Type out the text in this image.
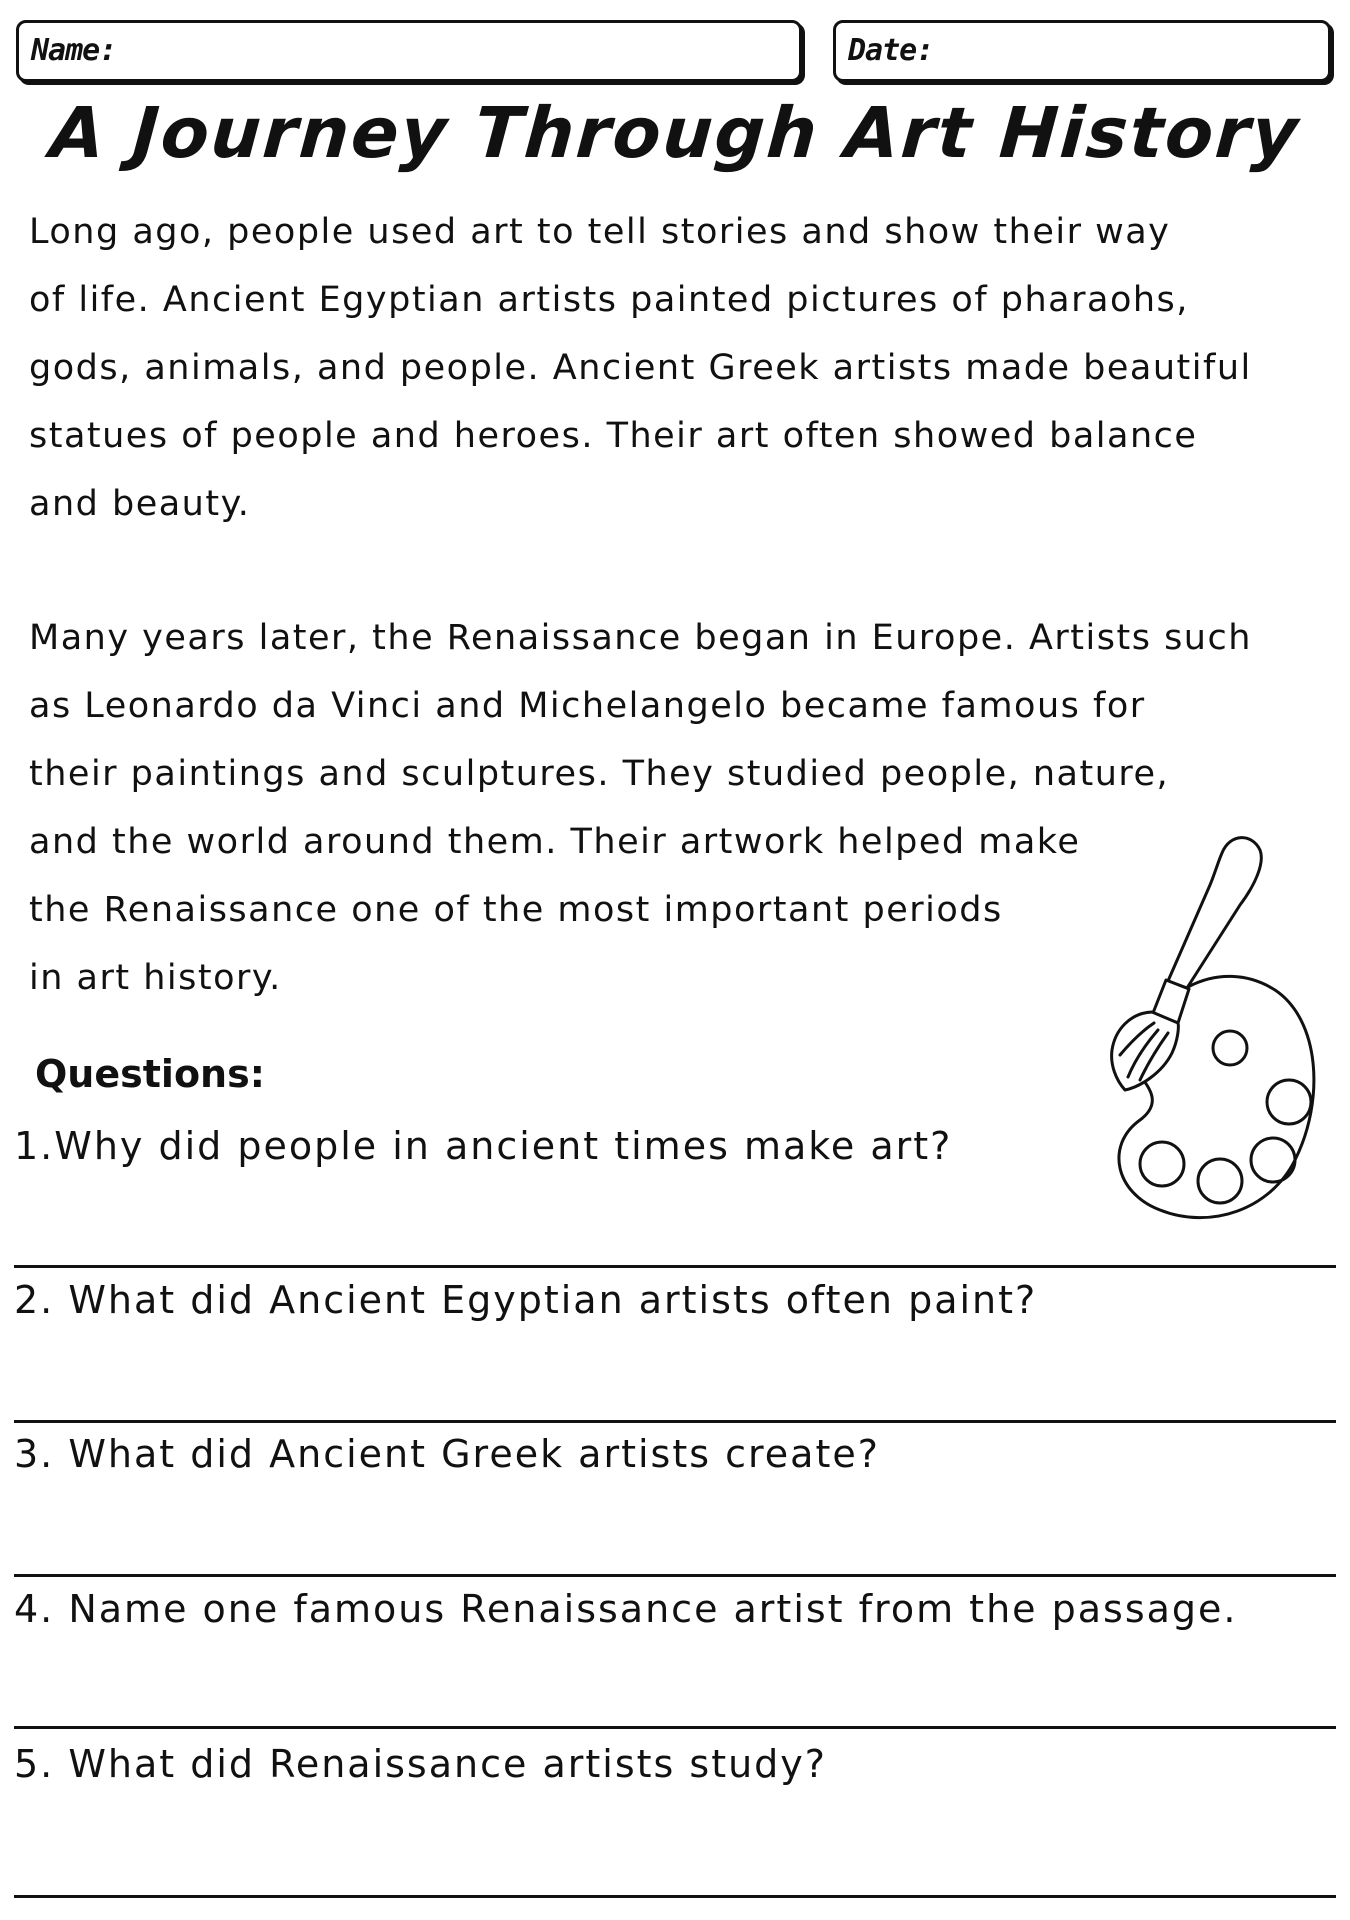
Name:	Date:
A Journey Through Art History

Long ago, people used art to tell stories and show their way
of life. Ancient Egyptian artists painted pictures of pharaohs,
gods, animals, and people. Ancient Greek artists made beautiful
statues of people and heroes. Their art often showed balance
and beauty.

Many years later, the Renaissance began in Europe. Artists such
as Leonardo da Vinci and Michelangelo became famous for
their paintings and sculptures. They studied people, nature,
and the world around them. Their artwork helped make
the Renaissance one of the most important periods
in art history.

Questions:

1.Why did people in ancient times make art?

2. What did Ancient Egyptian artists often paint?

3. What did Ancient Greek artists create?

4. Name one famous Renaissance artist from the passage.

5. What did Renaissance artists study?
